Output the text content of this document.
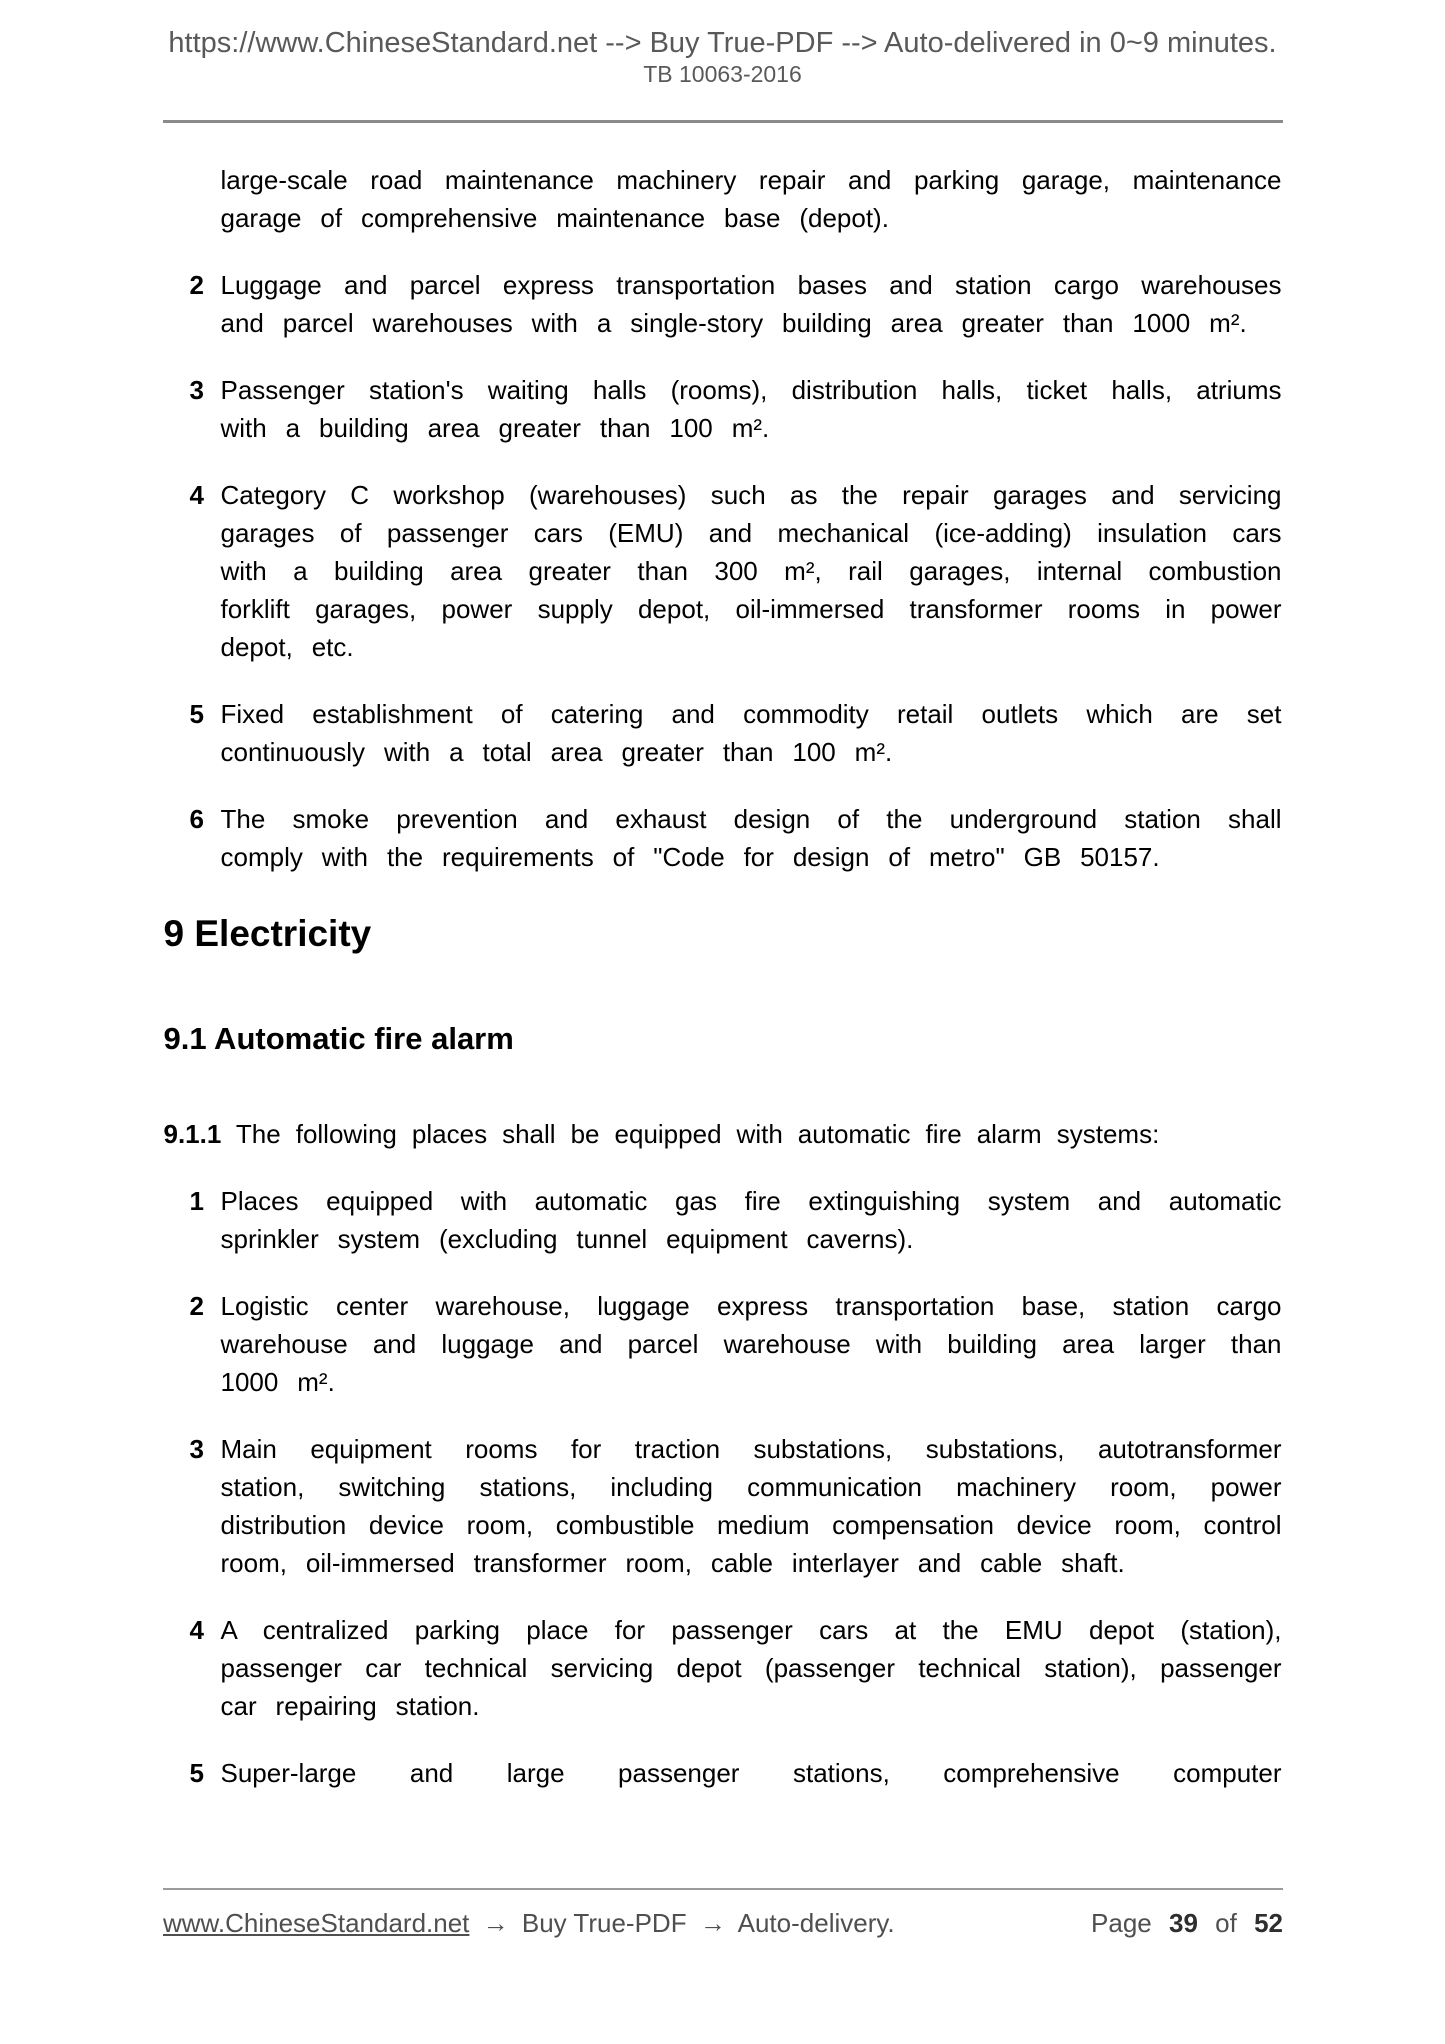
https://www.ChineseStandard.net --> Buy True-PDF --> Auto-delivered in 0~9 minutes.
TB 10063-2016

large-scale road maintenance machinery repair and parking garage, maintenance garage of comprehensive maintenance base (depot).

2 Luggage and parcel express transportation bases and station cargo warehouses and parcel warehouses with a single-story building area greater than 1000 m².
3 Passenger station's waiting halls (rooms), distribution halls, ticket halls, atriums with a building area greater than 100 m².
4 Category C workshop (warehouses) such as the repair garages and servicing garages of passenger cars (EMU) and mechanical (ice-adding) insulation cars with a building area greater than 300 m², rail garages, internal combustion forklift garages, power supply depot, oil-immersed transformer rooms in power depot, etc.
5 Fixed establishment of catering and commodity retail outlets which are set continuously with a total area greater than 100 m².
6 The smoke prevention and exhaust design of the underground station shall comply with the requirements of "Code for design of metro" GB 50157.
9 Electricity
9.1 Automatic fire alarm

9.1.1 The following places shall be equipped with automatic fire alarm systems:

1 Places equipped with automatic gas fire extinguishing system and automatic sprinkler system (excluding tunnel equipment caverns).
2 Logistic center warehouse, luggage express transportation base, station cargo warehouse and luggage and parcel warehouse with building area larger than 1000 m².
3 Main equipment rooms for traction substations, substations, autotransformer station, switching stations, including communication machinery room, power distribution device room, combustible medium compensation device room, control room, oil-immersed transformer room, cable interlayer and cable shaft.
4 A centralized parking place for passenger cars at the EMU depot (station), passenger car technical servicing depot (passenger technical station), passenger car repairing station.
5 Super-large and large passenger stations, comprehensive computer
www.ChineseStandard.net → Buy True-PDF → Auto-delivery.	Page 39 of 52
